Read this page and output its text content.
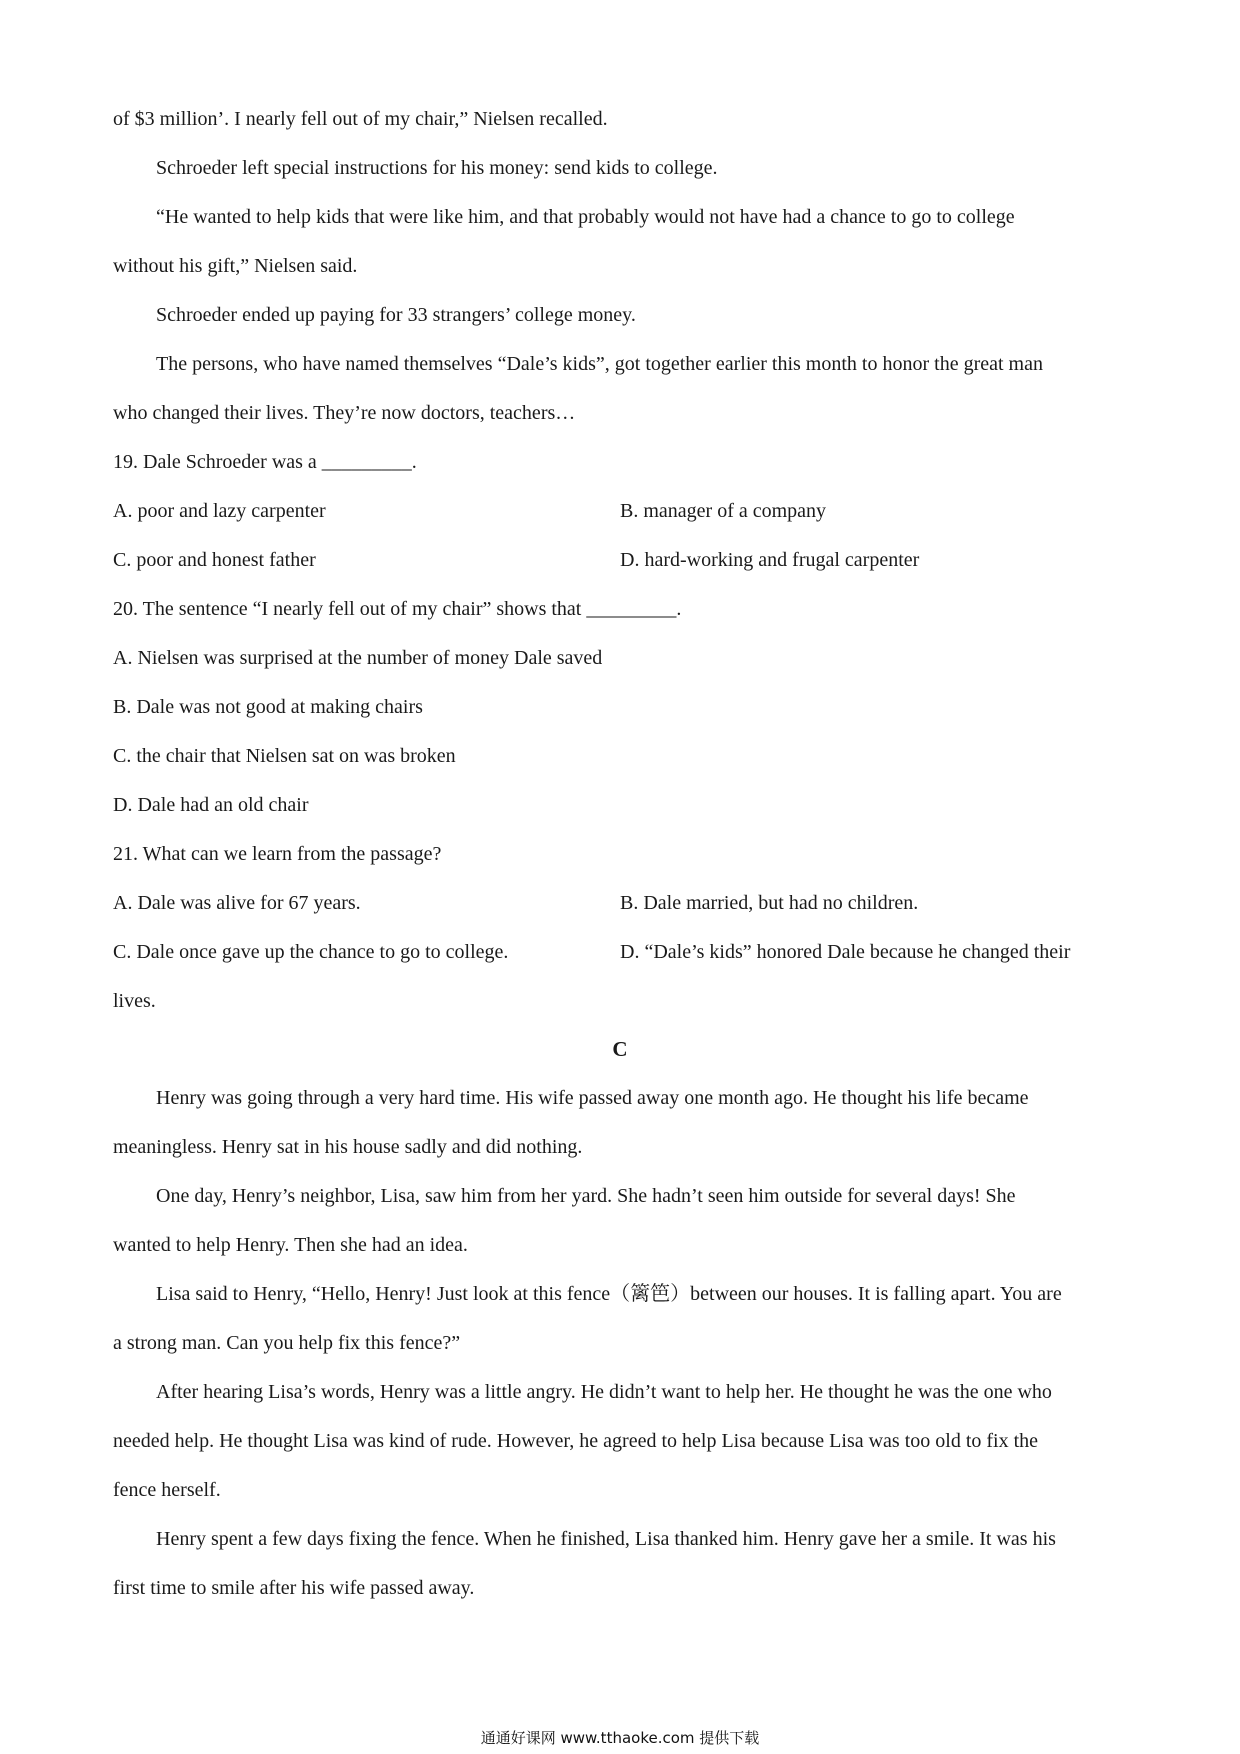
of $3 million’. I nearly fell out of my chair,” Nielsen recalled.
Schroeder left special instructions for his money: send kids to college.
“He wanted to help kids that were like him, and that probably would not have had a chance to go to college
without his gift,” Nielsen said.
Schroeder ended up paying for 33 strangers’ college money.
The persons, who have named themselves “Dale’s kids”, got together earlier this month to honor the great man
who changed their lives. They’re now doctors, teachers…
19. Dale Schroeder was a _________.
A. poor and lazy carpenter	B. manager of a company
C. poor and honest father	D. hard-working and frugal carpenter
20. The sentence “I nearly fell out of my chair” shows that _________.
A. Nielsen was surprised at the number of money Dale saved
B. Dale was not good at making chairs
C. the chair that Nielsen sat on was broken
D. Dale had an old chair
21. What can we learn from the passage?
A. Dale was alive for 67 years.	B. Dale married, but had no children.
C. Dale once gave up the chance to go to college.	D. “Dale’s kids” honored Dale because he changed their
lives.
C
Henry was going through a very hard time. His wife passed away one month ago. He thought his life became
meaningless. Henry sat in his house sadly and did nothing.
One day, Henry’s neighbor, Lisa, saw him from her yard. She hadn’t seen him outside for several days! She
wanted to help Henry. Then she had an idea.
Lisa said to Henry, “Hello, Henry! Just look at this fence（篱笆）between our houses. It is falling apart. You are
a strong man. Can you help fix this fence?”
After hearing Lisa’s words, Henry was a little angry. He didn’t want to help her. He thought he was the one who
needed help. He thought Lisa was kind of rude. However, he agreed to help Lisa because Lisa was too old to fix the
fence herself.
Henry spent a few days fixing the fence. When he finished, Lisa thanked him. Henry gave her a smile. It was his
first time to smile after his wife passed away.
通通好课网 www.tthaoke.com 提供下载
